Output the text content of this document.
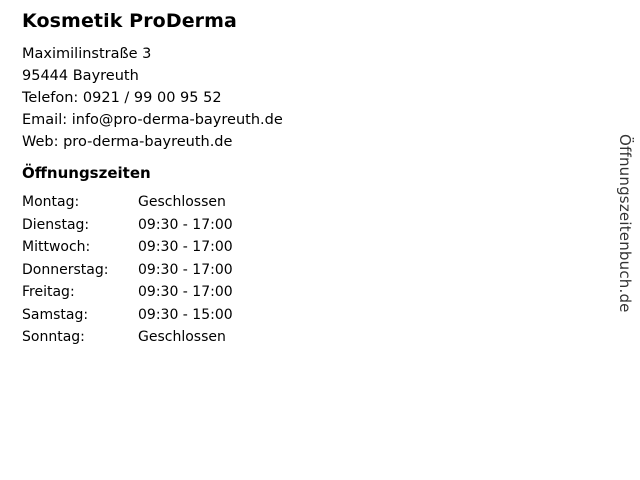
Kosmetik ProDerma
Maximilinstraße 3
95444 Bayreuth
Telefon: 0921 / 99 00 95 52
Email: info@pro-derma-bayreuth.de
Web: pro-derma-bayreuth.de
Öffnungszeiten
Montag:	Geschlossen
Dienstag:	09:30 - 17:00
Mittwoch:	09:30 - 17:00
Donnerstag:	09:30 - 17:00
Freitag:	09:30 - 17:00
Samstag:	09:30 - 15:00
Sonntag:	Geschlossen
Öffnungszeitenbuch.de
